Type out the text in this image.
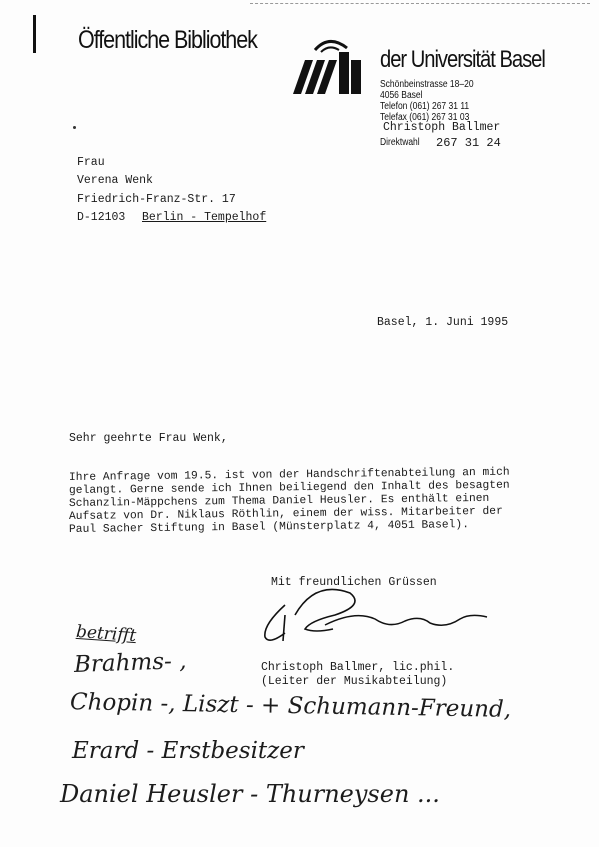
Öffentliche Bibliothek
der Universität Basel
Schönbeinstrasse 18–20
4056 Basel
Telefon (061) 267 31 11
Telefax (061) 267 31 03
Christoph Ballmer
Direktwahl 267 31 24
Frau
Verena Wenk
Friedrich-Franz-Str. 17
D-12103 Berlin - Tempelhof
Basel, 1. Juni 1995
Sehr geehrte Frau Wenk,
Ihre Anfrage vom 19.5. ist von der Handschriftenabteilung an mich
gelangt. Gerne sende ich Ihnen beiliegend den Inhalt des besagten
Schanzlin-Mäppchens zum Thema Daniel Heusler. Es enthält einen
Aufsatz von Dr. Niklaus Röthlin, einem der wiss. Mitarbeiter der
Paul Sacher Stiftung in Basel (Münsterplatz 4, 4051 Basel).
Mit freundlichen Grüssen
Christoph Ballmer, lic.phil.
(Leiter der Musikabteilung)
betrifft
Brahms- ,
Chopin -, Liszt - + Schumann-Freund,
Erard - Erstbesitzer
Daniel Heusler - Thurneysen ...
